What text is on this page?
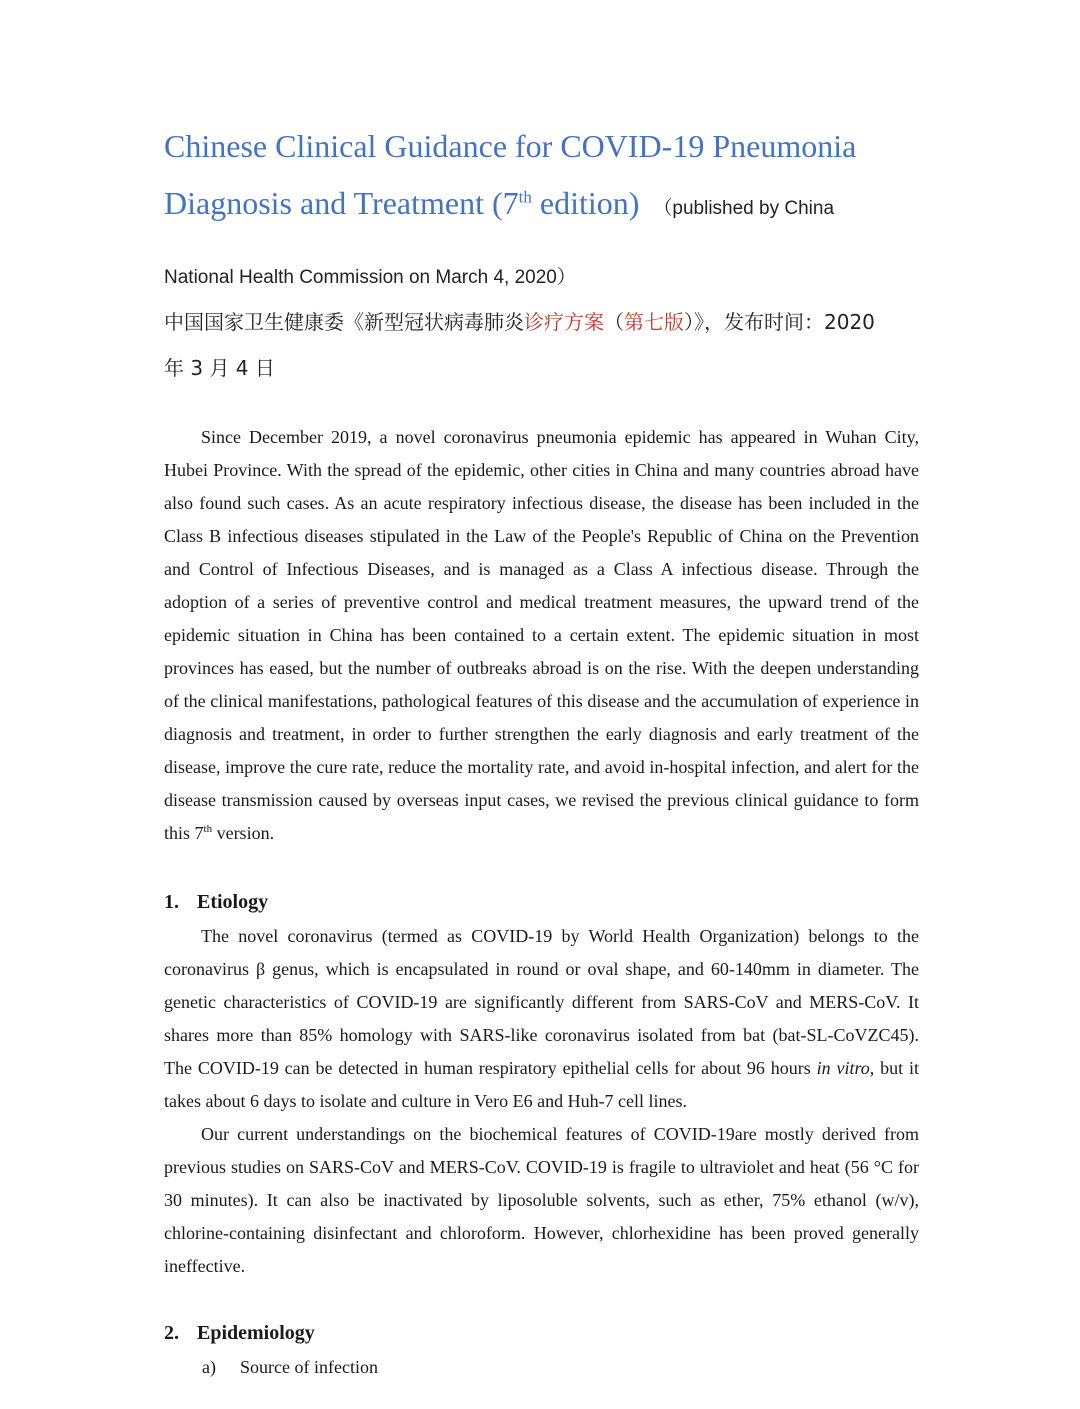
Chinese Clinical Guidance for COVID-19 Pneumonia
Diagnosis and Treatment (7th edition) （published by China
National Health Commission on March 4, 2020）
中国国家卫生健康委《新型冠状病毒肺炎诊疗方案（第七版）》，发布时间：2020
年 3 月 4 日

Since December 2019, a novel coronavirus pneumonia epidemic has appeared in Wuhan City, Hubei Province. With the spread of the epidemic, other cities in China and many countries abroad have also found such cases. As an acute respiratory infectious disease, the disease has been included in the Class B infectious diseases stipulated in the Law of the People's Republic of China on the Prevention and Control of Infectious Diseases, and is managed as a Class A infectious disease. Through the adoption of a series of preventive control and medical treatment measures, the upward trend of the epidemic situation in China has been contained to a certain extent. The epidemic situation in most provinces has eased, but the number of outbreaks abroad is on the rise. With the deepen understanding of the clinical manifestations, pathological features of this disease and the accumulation of experience in diagnosis and treatment, in order to further strengthen the early diagnosis and early treatment of the disease, improve the cure rate, reduce the mortality rate, and avoid in-hospital infection, and alert for the disease transmission caused by overseas input cases, we revised the previous clinical guidance to form this 7th version.

1. Etiology

The novel coronavirus (termed as COVID-19 by World Health Organization) belongs to the coronavirus β genus, which is encapsulated in round or oval shape, and 60-140mm in diameter. The genetic characteristics of COVID-19 are significantly different from SARS-CoV and MERS-CoV. It shares more than 85% homology with SARS-like coronavirus isolated from bat (bat-SL-CoVZC45). The COVID-19 can be detected in human respiratory epithelial cells for about 96 hours in vitro, but it takes about 6 days to isolate and culture in Vero E6 and Huh-7 cell lines.

Our current understandings on the biochemical features of COVID-19are mostly derived from previous studies on SARS-CoV and MERS-CoV. COVID-19 is fragile to ultraviolet and heat (56 °C for 30 minutes). It can also be inactivated by liposoluble solvents, such as ether, 75% ethanol (w/v), chlorine-containing disinfectant and chloroform. However, chlorhexidine has been proved generally ineffective.

2. Epidemiology
a) Source of infection
